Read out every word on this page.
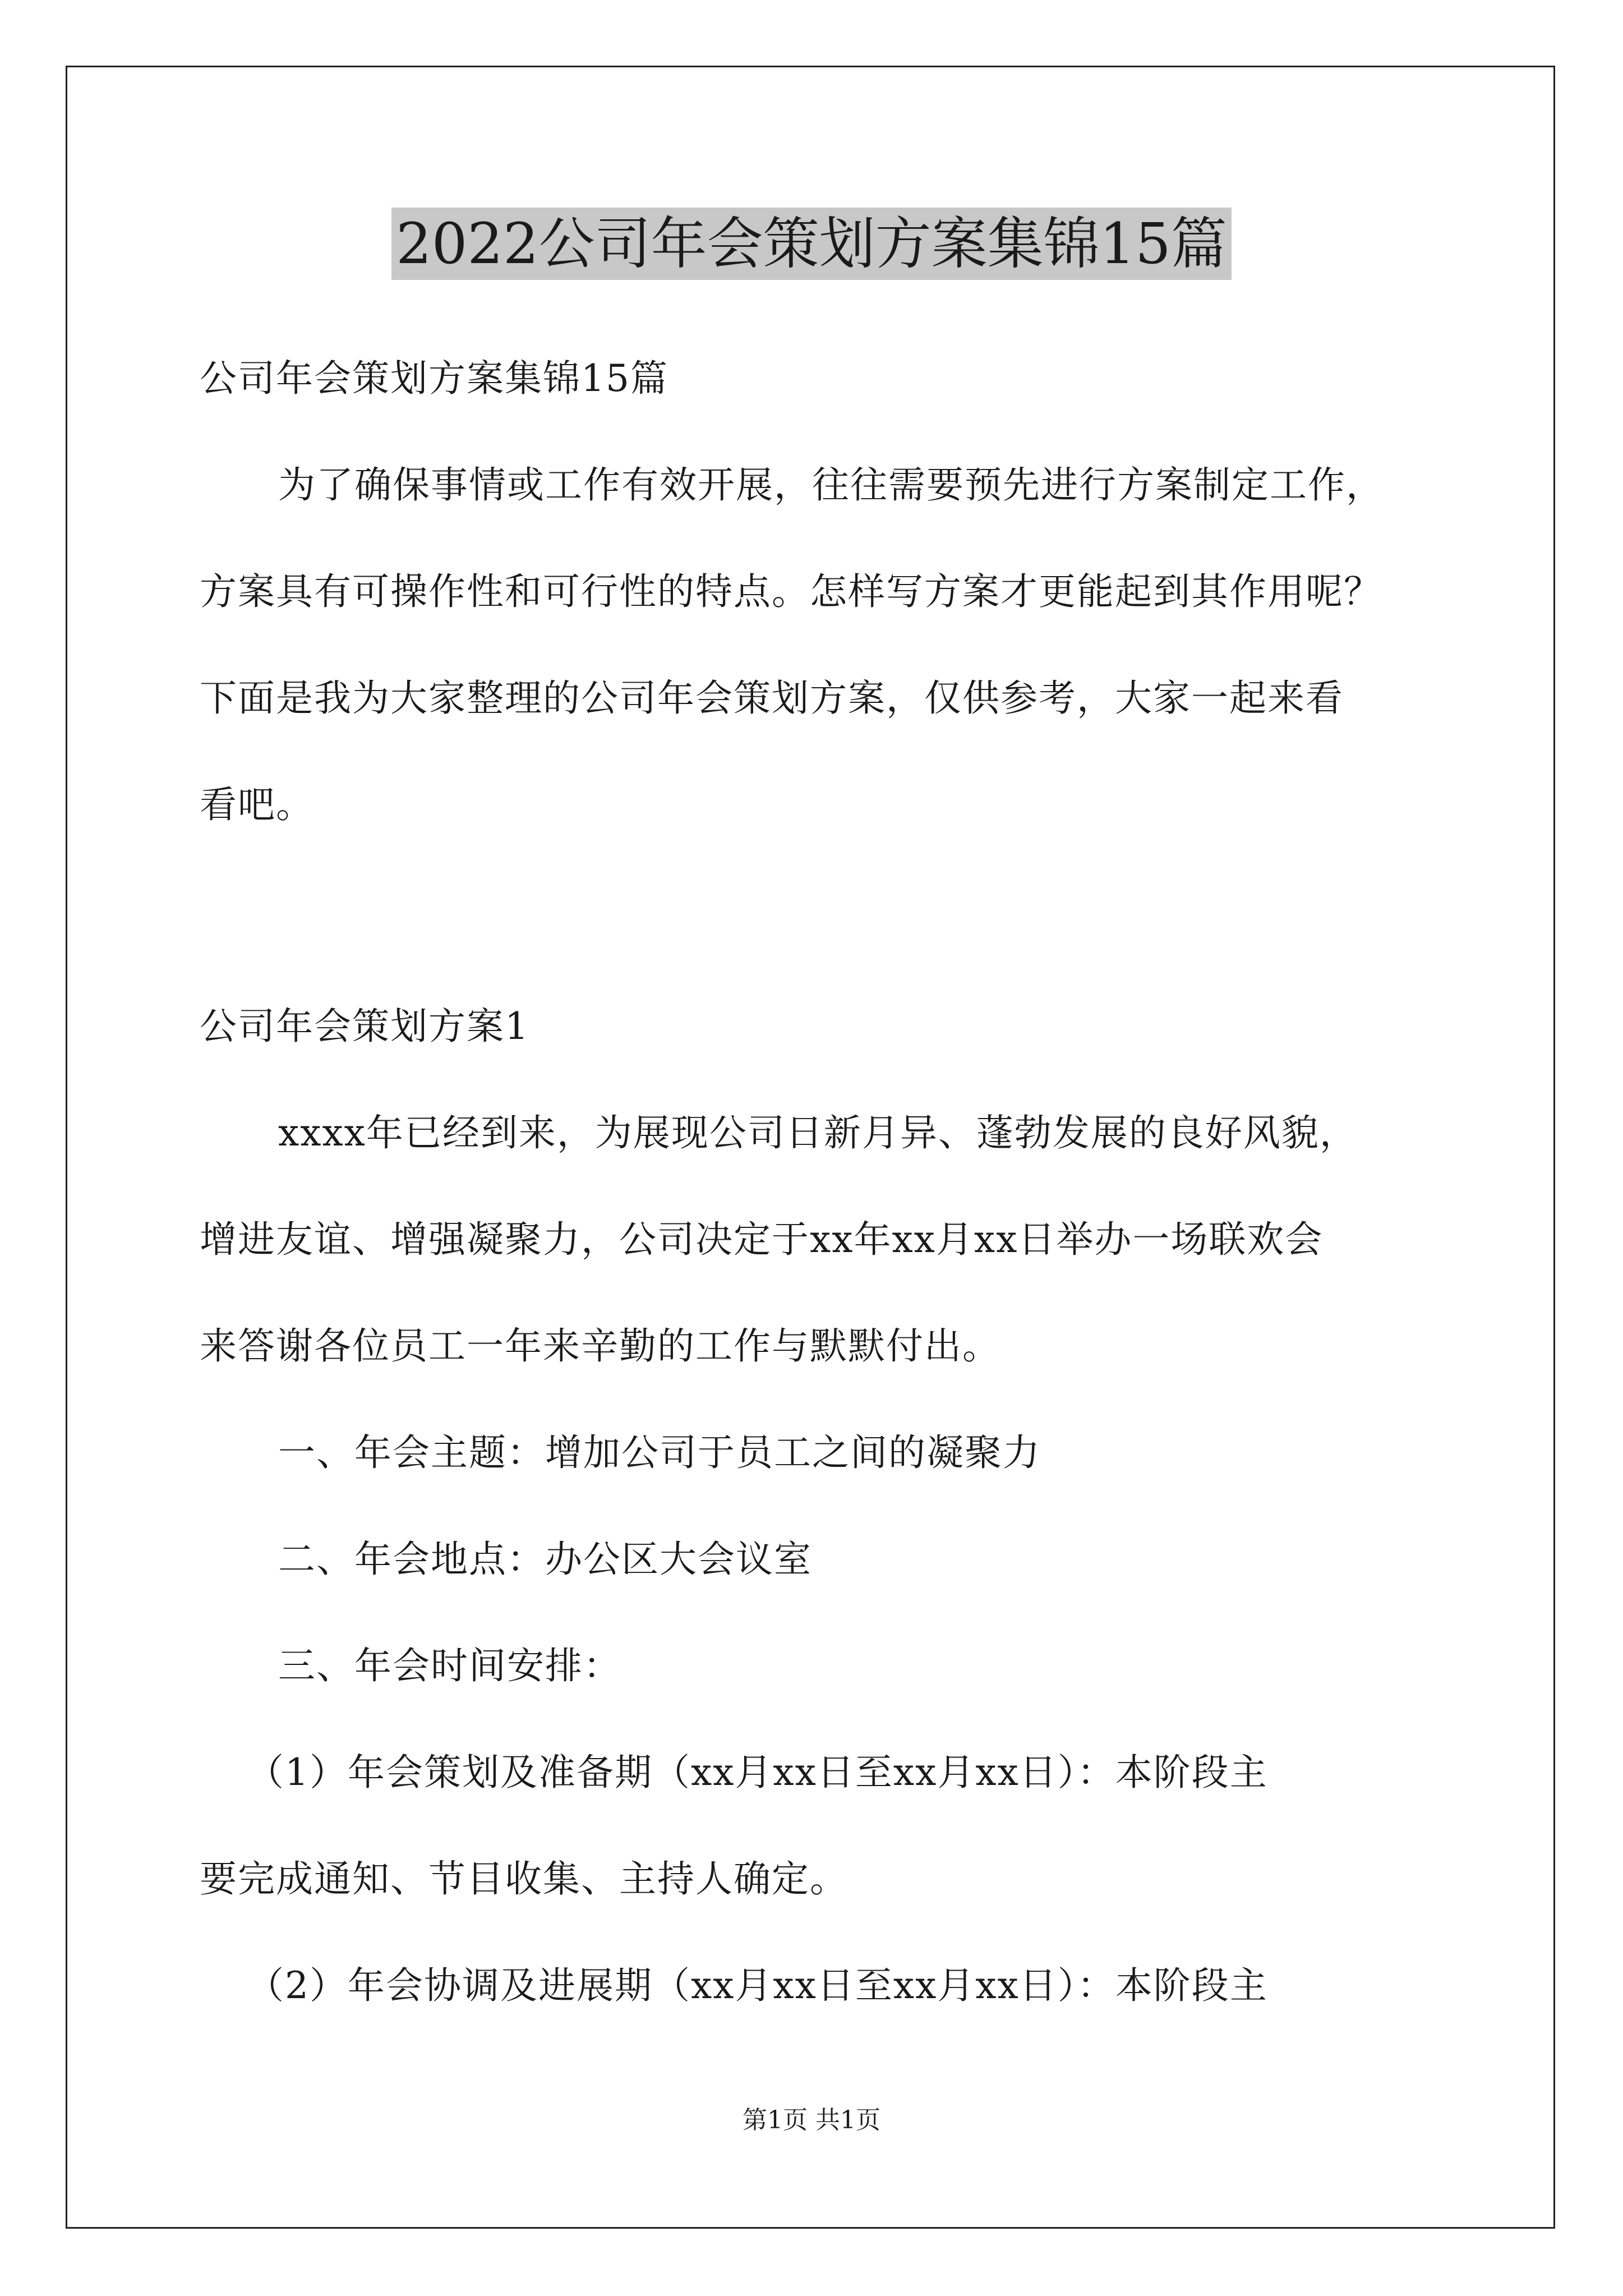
2022公司年会策划方案集锦15篇
公司年会策划方案集锦15篇
为了确保事情或工作有效开展，往往需要预先进行方案制定工作，
方案具有可操作性和可行性的特点。怎样写方案才更能起到其作用呢？
下面是我为大家整理的公司年会策划方案，仅供参考，大家一起来看
看吧。
公司年会策划方案1
xxxx年已经到来，为展现公司日新月异、蓬勃发展的良好风貌，
增进友谊、增强凝聚力，公司决定于xx年xx月xx日举办一场联欢会
来答谢各位员工一年来辛勤的工作与默默付出。
一、年会主题：增加公司于员工之间的凝聚力
二、年会地点：办公区大会议室
三、年会时间安排：
（1）年会策划及准备期（xx月xx日至xx月xx日）：本阶段主
要完成通知、节目收集、主持人确定。
（2）年会协调及进展期（xx月xx日至xx月xx日）：本阶段主
第1页 共1页
